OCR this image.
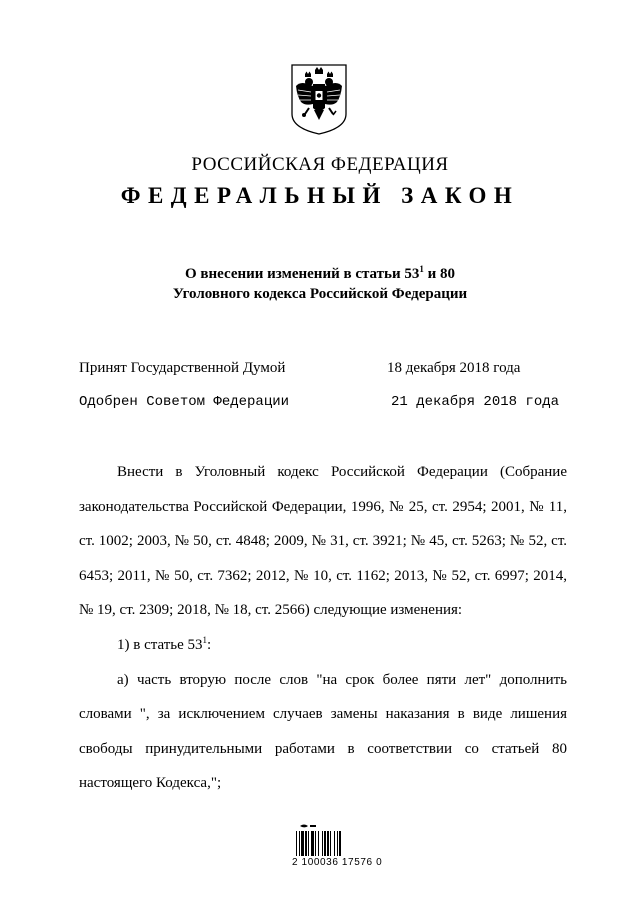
РОССИЙСКАЯ ФЕДЕРАЦИЯ
ФЕДЕРАЛЬНЫЙ ЗАКОН
О внесении изменений в статьи $53^1$ и 80
Уголовного кодекса Российской Федерации
Принят Государственной Думой	18 декабря 2018 года
Одобрен Советом Федерации	21 декабря 2018 года

Внести в Уголовный кодекс Российской Федерации (Собрание законодательства Российской Федерации, 1996, № 25, ст. 2954; 2001, № 11, ст. 1002; 2003, № 50, ст. 4848; 2009, № 31, ст. 3921; № 45, ст. 5263; № 52, ст. 6453; 2011, № 50, ст. 7362; 2012, № 10, ст. 1162; 2013, № 52, ст. 6997; 2014, № 19, ст. 2309; 2018, № 18, ст. 2566) следующие изменения:

1) в статье $53^1$:

а) часть вторую после слов "на срок более пяти лет" дополнить словами ", за исключением случаев замены наказания в виде лишения свободы принудительными работами в соответствии со статьей 80 настоящего Кодекса,";

2 100036 17576 0
